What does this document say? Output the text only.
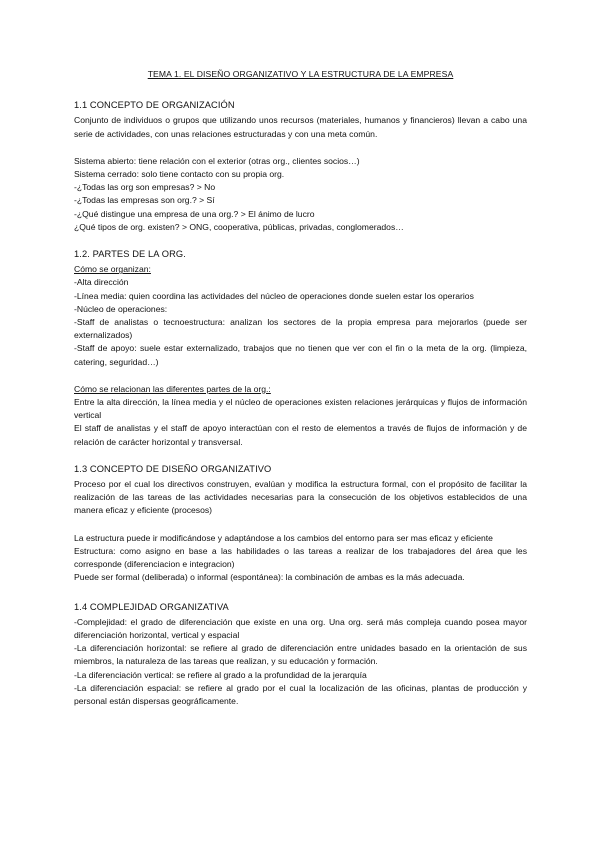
TEMA 1. EL DISEÑO ORGANIZATIVO Y LA ESTRUCTURA DE LA EMPRESA
1.1 CONCEPTO DE ORGANIZACIÓN

Conjunto de individuos o grupos que utilizando unos recursos (materiales, humanos y financieros) llevan a cabo una serie de actividades, con unas relaciones estructuradas y con una meta común.

Sistema abierto: tiene relación con el exterior (otras org., clientes socios…)
Sistema cerrado: solo tiene contacto con su propia org.
-¿Todas las org son empresas? > No
-¿Todas las empresas son org.? > Sí
-¿Qué distingue una empresa de una org.? > El ánimo de lucro
¿Qué tipos de org. existen? > ONG, cooperativa, públicas, privadas, conglomerados…
1.2. PARTES DE LA ORG.
Cómo se organizan:
-Alta dirección

-Línea media: quien coordina las actividades del núcleo de operaciones donde suelen estar los operarios

-Núcleo de operaciones:

-Staff de analistas o tecnoestructura: analizan los sectores de la propia empresa para mejorarlos (puede ser externalizados)

-Staff de apoyo: suele estar externalizado, trabajos que no tienen que ver con el fin o la meta de la org. (limpieza, catering, seguridad…)

Cómo se relacionan las diferentes partes de la org.:

Entre la alta dirección, la línea media y el núcleo de operaciones existen relaciones jerárquicas y flujos de información vertical

El staff de analistas y el staff de apoyo interactúan con el resto de elementos a través de flujos de información y de relación de carácter horizontal y transversal.

1.3 CONCEPTO DE DISEÑO ORGANIZATIVO

Proceso por el cual los directivos construyen, evalúan y modifica la estructura formal, con el propósito de facilitar la realización de las tareas de las actividades necesarias para la consecución de los objetivos establecidos de una manera eficaz y eficiente (procesos)

La estructura puede ir modificándose y adaptándose a los cambios del entorno para ser mas eficaz y eficiente

Estructura: como asigno en base a las habilidades o las tareas a realizar de los trabajadores del área que les corresponde (diferenciacion e integracion)

Puede ser formal (deliberada) o informal (espontánea): la combinación de ambas es la más adecuada.

1.4 COMPLEJIDAD ORGANIZATIVA

-Complejidad: el grado de diferenciación que existe en una org. Una org. será más compleja cuando posea mayor diferenciación horizontal, vertical y espacial

-La diferenciación horizontal: se refiere al grado de diferenciación entre unidades basado en la orientación de sus miembros, la naturaleza de las tareas que realizan, y su educación y formación.

-La diferenciación vertical: se refiere al grado a la profundidad de la jerarquía

-La diferenciación espacial: se refiere al grado por el cual la localización de las oficinas, plantas de producción y personal están dispersas geográficamente.
